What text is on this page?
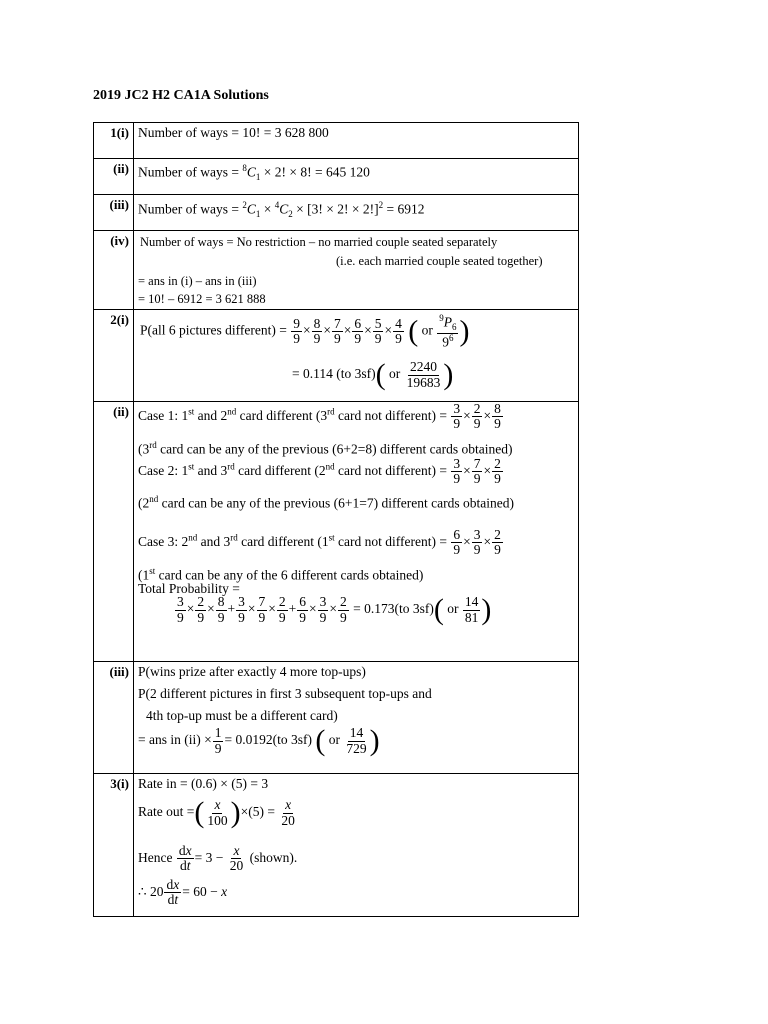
2019 JC2 H2 CA1A Solutions
1(i) Number of ways = 10! = 3 628 800
(ii) Number of ways = $^8C_1 \times 2$! × 8! = 645 120
(iii) Number of ways = $^2C_1 \times ^4C_2 \times [3$! × 2! × 2!]$^2$ = 6912
(iv) Number of ways = No restriction – no married couple seated separately
(i.e. each married couple seated together)
= ans in (i) – ans in (iii)
= 10! – 6912 = 3 621 888
2(i)
P(all 6 pictures different) = $\frac{9}{9} \times \frac{8}{9} \times \frac{7}{9} \times \frac{6}{9} \times \frac{5}{9} \times \frac{4}{9}$ ( or $\frac{^9P_6}{9^6}$ )
= 0.114 (to 3sf)( or $\frac{2240}{19683}$ )
(ii) Case 1: 1st and 2nd card different (3rd card not different) = $\frac{3}{9} \times \frac{2}{9} \times \frac{8}{9}$
(3rd card can be any of the previous (6+2=8) different cards obtained)
Case 2: 1st and 3rd card different (2nd card not different) = $\frac{3}{9} \times \frac{7}{9} \times \frac{2}{9}$
(2nd card can be any of the previous (6+1=7) different cards obtained)
Case 3: 2nd and 3rd card different (1st card not different) = $\frac{6}{9} \times \frac{3}{9} \times \frac{2}{9}$
(1st card can be any of the 6 different cards obtained)
Total Probability =
$\frac{3}{9} \times \frac{2}{9} \times \frac{8}{9} + \frac{3}{9} \times \frac{7}{9} \times \frac{2}{9} + \frac{6}{9} \times \frac{3}{9} \times \frac{2}{9} = 0.173(to$ 3sf)( or $\frac{14}{81}$ )
(iii) P(wins prize after exactly 4 more top-ups)
P(2 different pictures in first 3 subsequent top-ups and
4th top-up must be a different card)
= ans in $(ii) \times \frac{1}{9} = 0.0192(to$ 3sf) ( or $\frac{14}{729}$ )
3(i) Rate in = (0.6) × (5) = 3
Rate out =( $\frac{x}{100} )\times(5) = \frac{x}{20}$
Hence $\frac{dx}{dt} = 3 - \frac{x}{20}$ (shown).
∴ $20 \frac{dx}{dt} = 60 - x$
